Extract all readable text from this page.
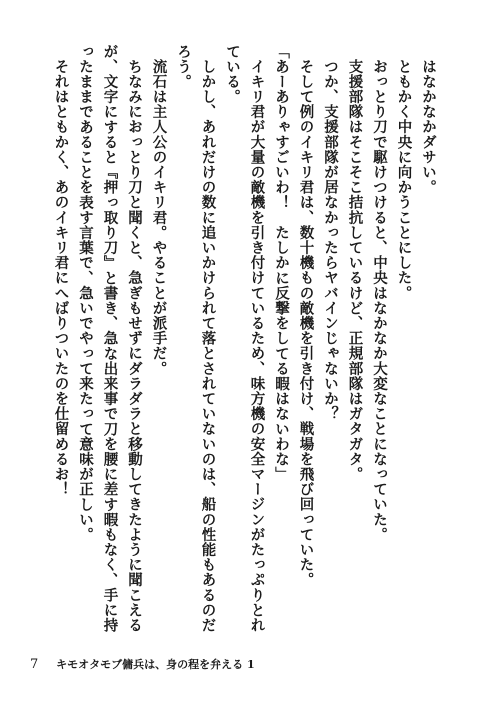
はなかなかダサい。

ともかく中央に向かうことにした。

おっとり刀で駆けつけると、中央はなかなか大変なことになっていた。

支援部隊はそこそこ拮抗しているけど、正規部隊はガタガタ。

つか、支援部隊が居なかったらヤバインじゃないか？

そして例のイキリ君は、数十機もの敵機を引き付け、戦場を飛び回っていた。

「あーありゃすごいわ！　たしかに反撃をしてる暇はないわな」

イキリ君が大量の敵機を引き付けているため、味方機の安全マージンがたっぷりとれている。

しかし、あれだけの数に追いかけられて落とされていないのは、船の性能もあるのだろう。

流石は主人公のイキリ君。やることが派手だ。

ちなみにおっとり刀と聞くと、急ぎもせずにダラダラと移動してきたように聞こえるが、文字にすると『押っ取り刀』と書き、急な出来事で刀を腰に差す暇もなく、手に持ったままであることを表す言葉で、急いでやって来たって意味が正しい。

それはともかく、あのイキリ君にへばりついたのを仕留めるお！

7 キモオタモブ傭兵は、身の程を弁える 1
